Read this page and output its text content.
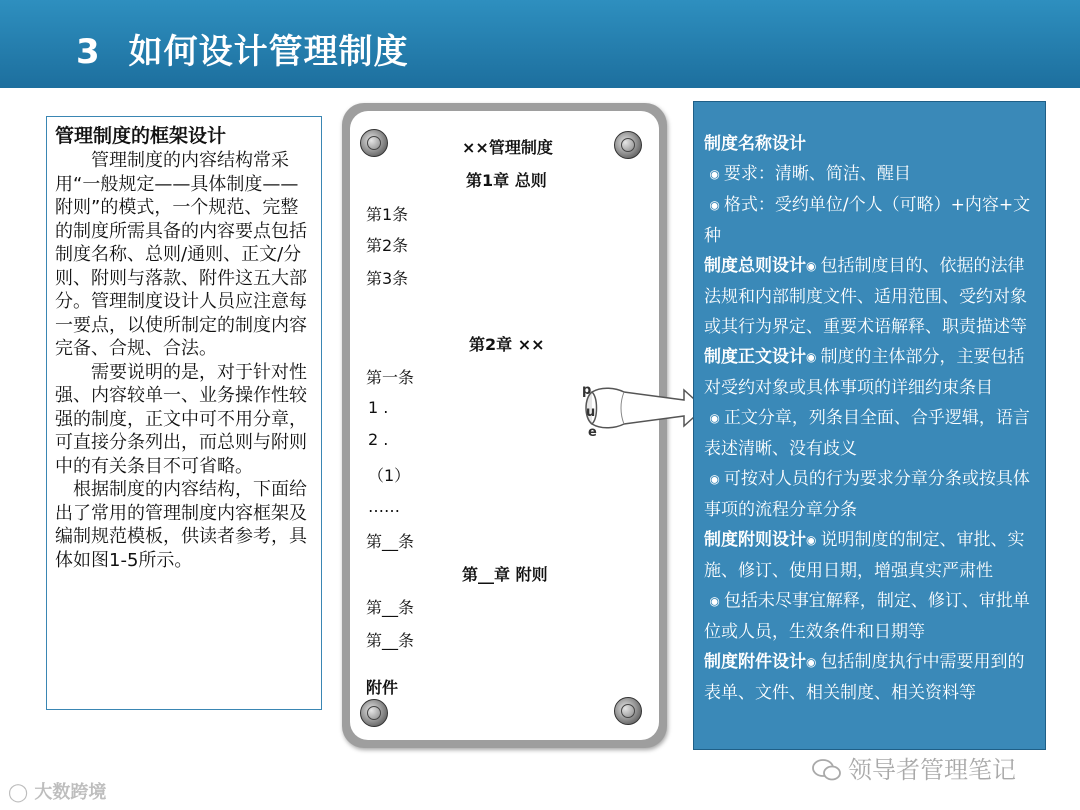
3 如何设计管理制度
管理制度的框架设计

管理制度的内容结构常采用“一般规定——具体制度——附则”的模式，一个规范、完整的制度所需具备的内容要点包括制度名称、总则/通则、正文/分则、附则与落款、附件这五大部分。管理制度设计人员应注意每一要点，以使所制定的制度内容完备、合规、合法。

需要说明的是，对于针对性强、内容较单一、业务操作性较强的制度，正文中可不用分章，可直接分条列出，而总则与附则中的有关条目不可省略。

根据制度的内容结构，下面给出了常用的管理制度内容框架及编制规范模板，供读者参考，具体如图1-5所示。

××管理制度
第1章 总则
第1条
第2条
第3条
第2章 ××
第一条
1 .
2 .
（1）
……
第__条
第__章 附则
第__条
第__条
附件
p
u
e

制度名称设计

◉ 要求：清晰、简洁、醒目

◉ 格式：受约单位/个人（可略）+内容+文种

制度总则设计◉ 包括制度目的、依据的法律法规和内部制度文件、适用范围、受约对象或其行为界定、重要术语解释、职责描述等

制度正文设计◉ 制度的主体部分，主要包括对受约对象或具体事项的详细约束条目

◉ 正文分章，列条目全面、合乎逻辑，语言表述清晰、没有歧义

◉ 可按对人员的行为要求分章分条或按具体事项的流程分章分条

制度附则设计◉ 说明制度的制定、审批、实施、修订、使用日期，增强真实严肃性

◉ 包括未尽事宜解释，制定、修订、审批单位或人员，生效条件和日期等

制度附件设计◉ 包括制度执行中需要用到的表单、文件、相关制度、相关资料等

◯ 大数跨境
领导者管理笔记
